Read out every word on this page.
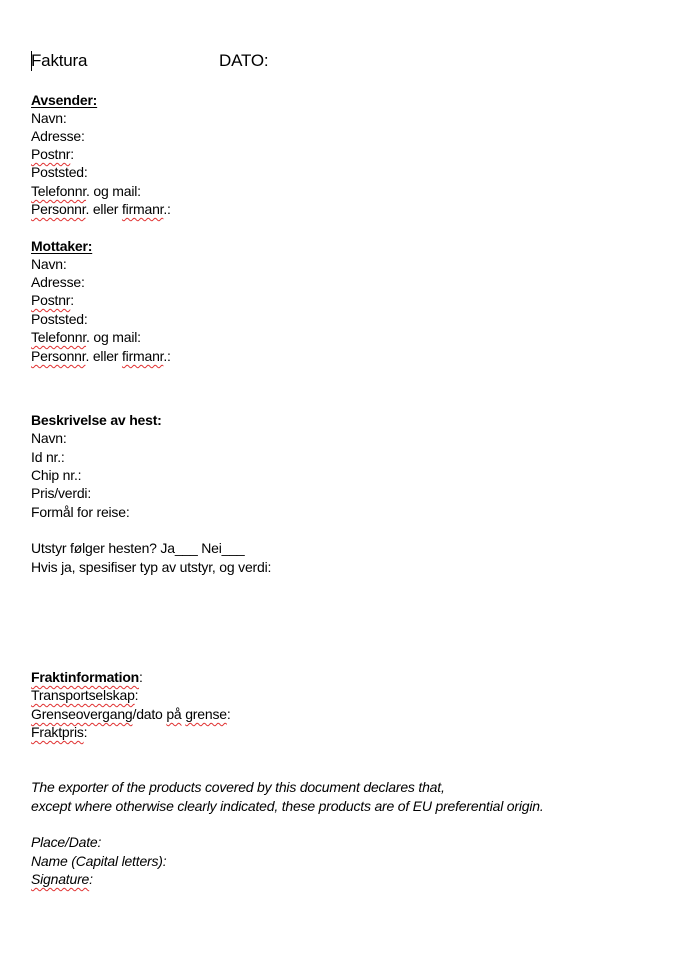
Faktura	DATO:
Avsender:
Navn:
Adresse:
Postnr:
Poststed:
Telefonnr. og mail:
Personnr. eller firmanr.:
Mottaker:
Navn:
Adresse:
Postnr:
Poststed:
Telefonnr. og mail:
Personnr. eller firmanr.:
Beskrivelse av hest:
Navn:
Id nr.:
Chip nr.:
Pris/verdi:
Formål for reise:
Utstyr følger hesten? Ja___ Nei___
Hvis ja, spesifiser typ av utstyr, og verdi:
Fraktinformation:
Transportselskap:
Grenseovergang/dato på grense:
Fraktpris:
The exporter of the products covered by this document declares that,
except where otherwise clearly indicated, these products are of EU preferential origin.
Place/Date:
Name (Capital letters):
Signature:
